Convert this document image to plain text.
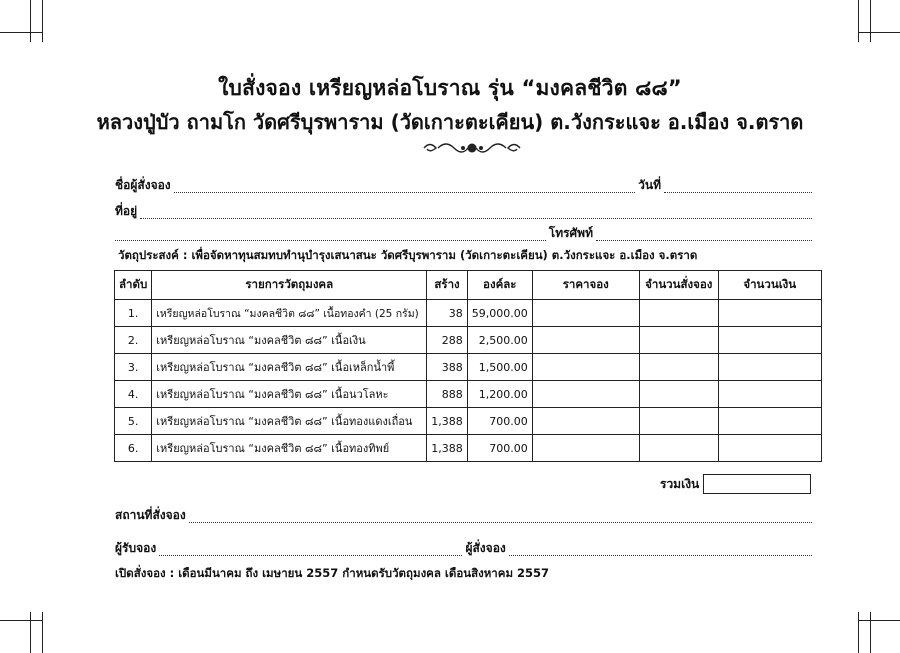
ใบสั่งจอง เหรียญหล่อโบราณ รุ่น “มงคลชีวิต ๘๘”
หลวงปู่บัว ถามโก วัดศรีบุรพาราม (วัดเกาะตะเคียน) ต.วังกระแจะ อ.เมือง จ.ตราด
ชื่อผู้สั่งจอง	วันที่
ที่อยู่
โทรศัพท์
วัตถุประสงค์ : เพื่อจัดหาทุนสมทบทำนุบำรุงเสนาสนะ วัดศรีบุรพาราม (วัดเกาะตะเคียน) ต.วังกระแจะ อ.เมือง จ.ตราด
ลำดับ	รายการวัตถุมงคล	สร้าง	องค์ละ	ราคาจอง	จำนวนสั่งจอง	จำนวนเงิน
1.	เหรียญหล่อโบราณ “มงคลชีวิต ๘๘” เนื้อทองคำ (25 กรัม)	38	59,000.00			
2.	เหรียญหล่อโบราณ “มงคลชีวิต ๘๘” เนื้อเงิน	288	2,500.00			
3.	เหรียญหล่อโบราณ “มงคลชีวิต ๘๘” เนื้อเหล็กน้ำพี้	388	1,500.00			
4.	เหรียญหล่อโบราณ “มงคลชีวิต ๘๘” เนื้อนวโลหะ	888	1,200.00			
5.	เหรียญหล่อโบราณ “มงคลชีวิต ๘๘” เนื้อทองแดงเถื่อน	1,388	700.00			
6.	เหรียญหล่อโบราณ “มงคลชีวิต ๘๘” เนื้อทองทิพย์	1,388	700.00			
รวมเงิน
สถานที่สั่งจอง
ผู้รับจอง	ผู้สั่งจอง
เปิดสั่งจอง : เดือนมีนาคม ถึง เมษายน 2557 กำหนดรับวัตถุมงคล เดือนสิงหาคม 2557
